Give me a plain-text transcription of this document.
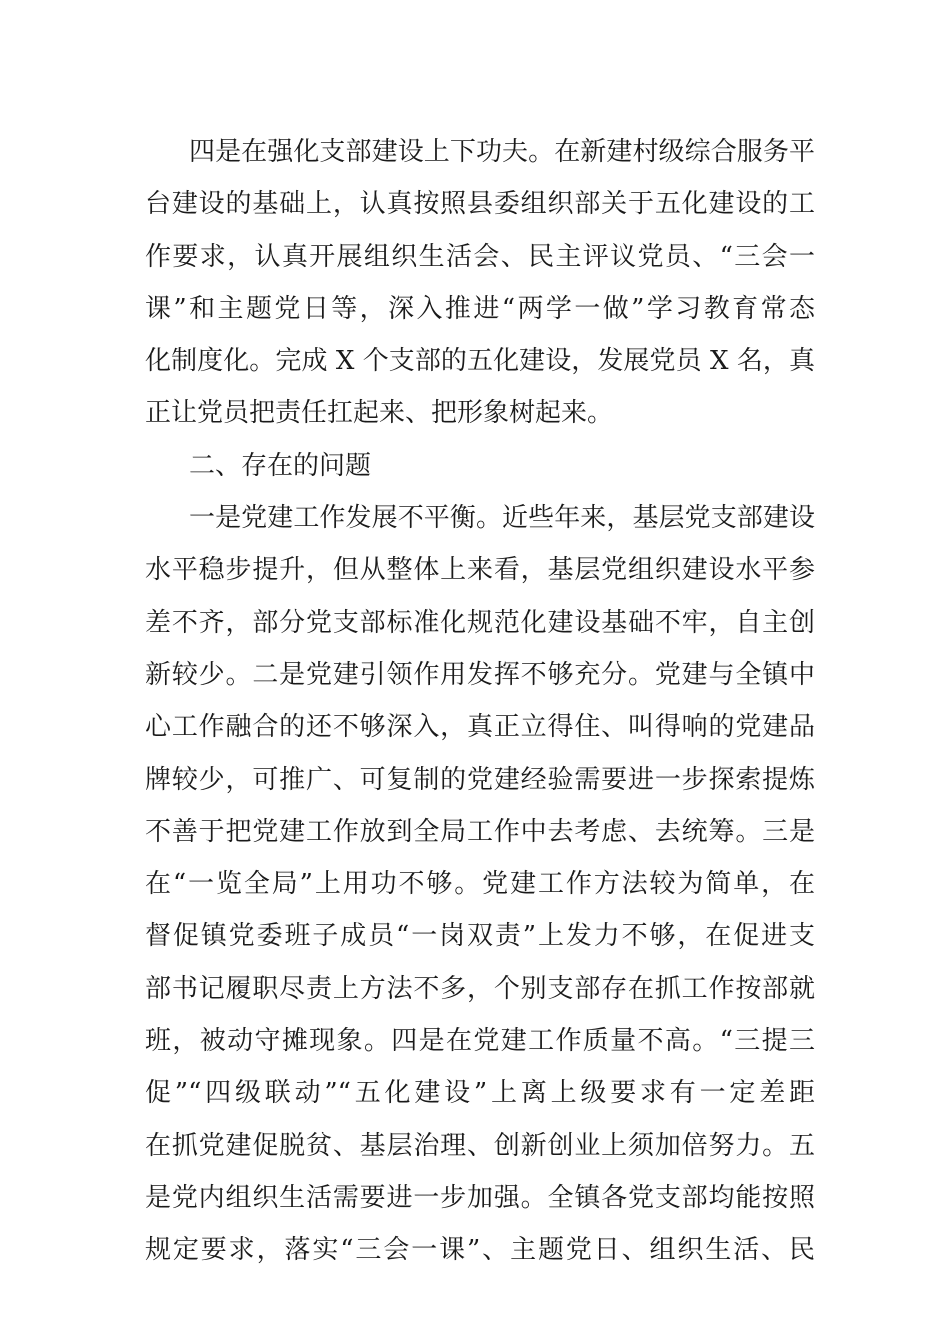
四是在强化支部建设上下功夫。在新建村级综合服务平
台建设的基础上，认真按照县委组织部关于五化建设的工
作要求，认真开展组织生活会、民主评议党员、“三会一
课”和主题党日等，深入推进“两学一做”学习教育常态
化制度化。完成 X 个支部的五化建设，发展党员 X 名，真
正让党员把责任扛起来、把形象树起来。
二、存在的问题
一是党建工作发展不平衡。近些年来，基层党支部建设
水平稳步提升，但从整体上来看，基层党组织建设水平参
差不齐，部分党支部标准化规范化建设基础不牢，自主创
新较少。二是党建引领作用发挥不够充分。党建与全镇中
心工作融合的还不够深入，真正立得住、叫得响的党建品
牌较少，可推广、可复制的党建经验需要进一步探索提炼
不善于把党建工作放到全局工作中去考虑、去统筹。三是
在“一览全局”上用功不够。党建工作方法较为简单，在
督促镇党委班子成员“一岗双责”上发力不够，在促进支
部书记履职尽责上方法不多，个别支部存在抓工作按部就
班，被动守摊现象。四是在党建工作质量不高。“三提三
促”“四级联动”“五化建设”上离上级要求有一定差距
在抓党建促脱贫、基层治理、创新创业上须加倍努力。五
是党内组织生活需要进一步加强。全镇各党支部均能按照
规定要求，落实“三会一课”、主题党日、组织生活、民
